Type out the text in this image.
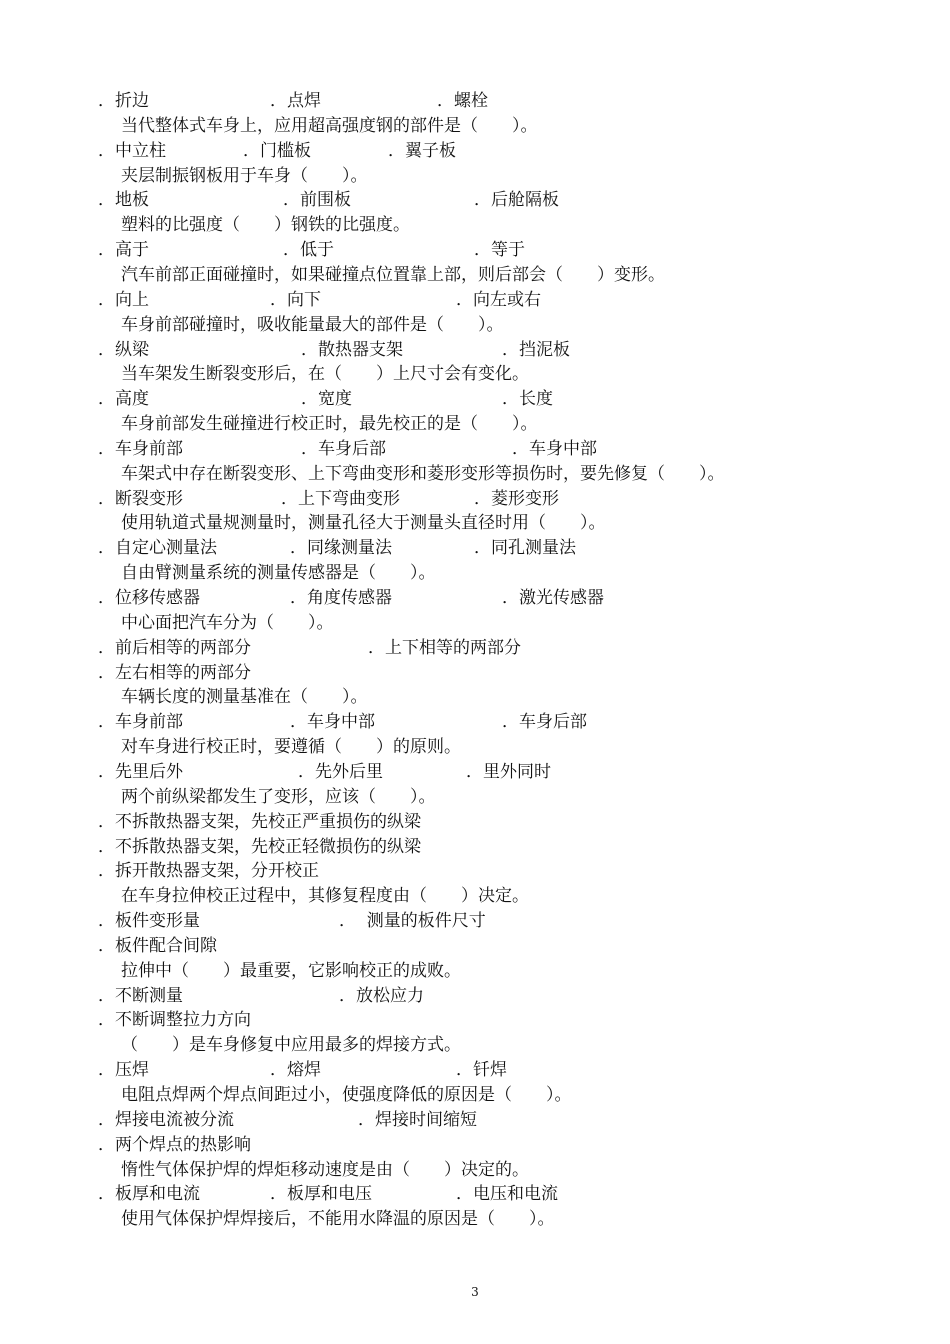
．折边	．点焊	．螺栓
当代整体式车身上，应用超高强度钢的部件是（　　）。
．中立柱	．门槛板	．翼子板
夹层制振钢板用于车身（　　）。
．地板	．前围板	．后舱隔板
塑料的比强度（　　）钢铁的比强度。
．高于	．低于	．等于
汽车前部正面碰撞时，如果碰撞点位置靠上部，则后部会（　　）变形。
．向上	．向下	．向左或右
车身前部碰撞时，吸收能量最大的部件是（　　）。
．纵梁	．散热器支架	．挡泥板
当车架发生断裂变形后，在（　　）上尺寸会有变化。
．高度	．宽度	．长度
车身前部发生碰撞进行校正时，最先校正的是（　　）。
．车身前部	．车身后部	．车身中部
车架式中存在断裂变形、上下弯曲变形和菱形变形等损伤时，要先修复（　　）。
．断裂变形	．上下弯曲变形	．菱形变形
使用轨道式量规测量时，测量孔径大于测量头直径时用（　　）。
．自定心测量法	．同缘测量法	．同孔测量法
自由臂测量系统的测量传感器是（　　）。
．位移传感器	．角度传感器	．激光传感器
中心面把汽车分为（　　）。
．前后相等的两部分	．上下相等的两部分
．左右相等的两部分
车辆长度的测量基准在（　　）。
．车身前部	．车身中部	．车身后部
对车身进行校正时，要遵循（　　）的原则。
．先里后外	．先外后里	．里外同时
两个前纵梁都发生了变形，应该（　　）。
．不拆散热器支架，先校正严重损伤的纵梁
．不拆散热器支架，先校正轻微损伤的纵梁
．拆开散热器支架，分开校正
在车身拉伸校正过程中，其修复程度由（　　）决定。
．板件变形量	．  测量的板件尺寸
．板件配合间隙
拉伸中（　　）最重要，它影响校正的成败。
．不断测量	．放松应力
．不断调整拉力方向
（　　）是车身修复中应用最多的焊接方式。
．压焊	．熔焊	．钎焊
电阻点焊两个焊点间距过小，使强度降低的原因是（　　）。
．焊接电流被分流	．焊接时间缩短
．两个焊点的热影响
惰性气体保护焊的焊炬移动速度是由（　　）决定的。
．板厚和电流	．板厚和电压	．电压和电流
使用气体保护焊焊接后，不能用水降温的原因是（　　）。
3
